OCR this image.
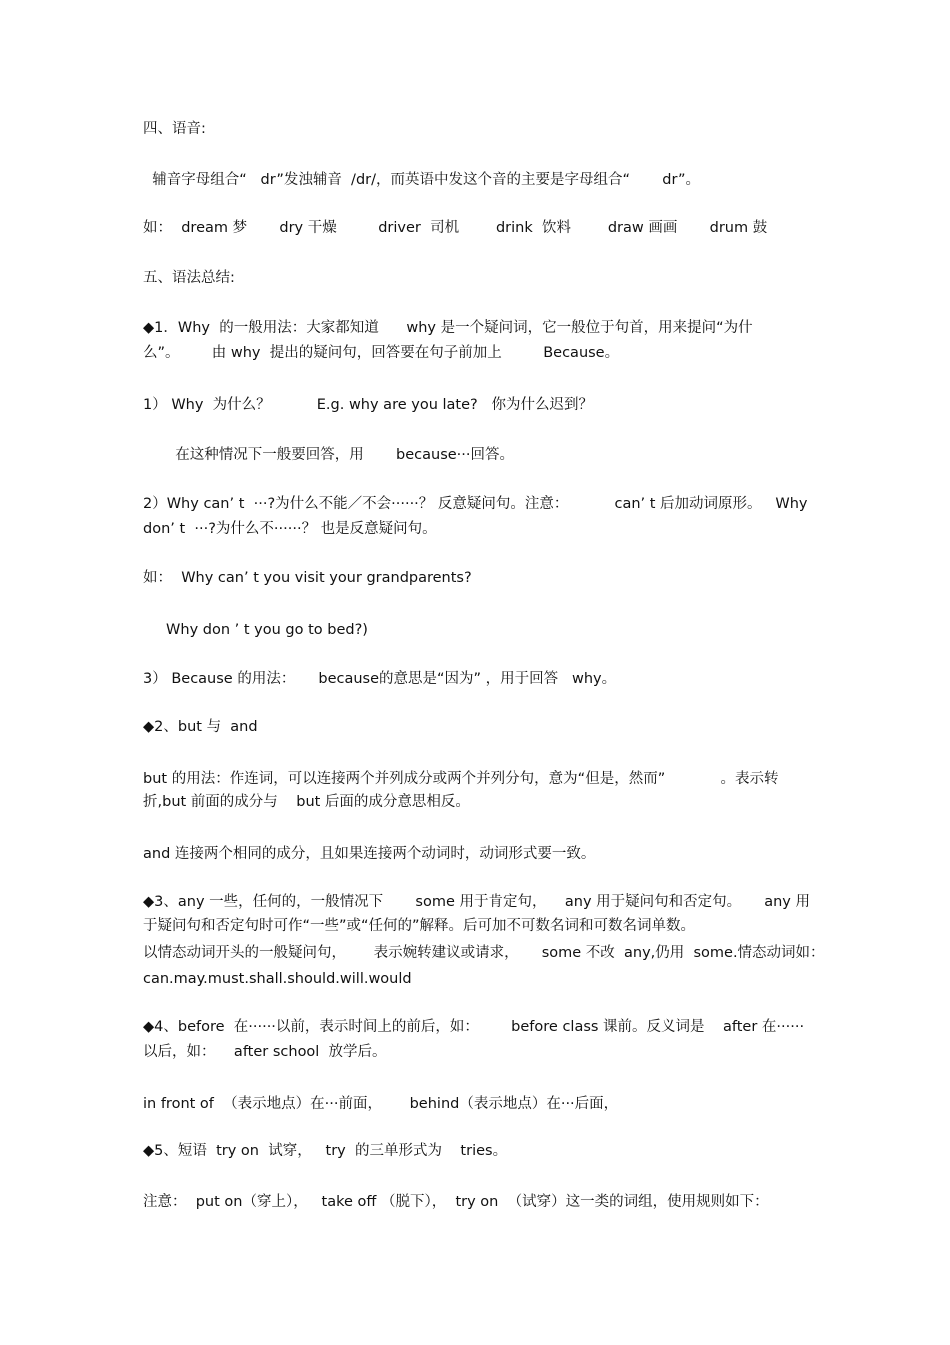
四、语音:
辅音字母组合“   dr”发浊辅音  /dr/，而英语中发这个音的主要是字母组合“       dr”。
如：  dream 梦       dry 干燥         driver  司机        drink  饮料        draw 画画       drum 鼓
五、语法总结:
◆1．Why  的一般用法：大家都知道      why 是一个疑问词，它一般位于句首，用来提问“为什
么”。       由 why  提出的疑问句，回答要在句子前加上         Because。
1） Why  为什么？          E.g. why are you late?   你为什么迟到？
在这种情况下一般要回答，用       because···回答。
2）Why can’ t  ···?为什么不能／不会······？ 反意疑问句。注意：          can’ t 后加动词原形。   Why
don’ t  ···?为什么不······？ 也是反意疑问句。
如：  Why can’ t you visit your grandparents?
Why don ’ t you go to bed?)
3） Because 的用法：     because的意思是“因为” ，用于回答   why。
◆2、but 与  and
but 的用法：作连词，可以连接两个并列成分或两个并列分句，意为“但是，然而”            。表示转
折,but 前面的成分与    but 后面的成分意思相反。
and 连接两个相同的成分，且如果连接两个动词时，动词形式要一致。
◆3、any 一些，任何的，一般情况下       some 用于肯定句，    any 用于疑问句和否定句。     any 用
于疑问句和否定句时可作“一些”或“任何的”解释。后可加不可数名词和可数名词单数。
以情态动词开头的一般疑问句，      表示婉转建议或请求，     some 不改  any,仍用  some.情态动词如：
can.may.must.shall.should.will.would
◆4、before  在······以前，表示时间上的前后，如：       before class 课前。反义词是    after 在······
以后，如：    after school  放学后。
in front of  （表示地点）在···前面，      behind（表示地点）在···后面，
◆5、短语  try on  试穿，   try  的三单形式为    tries。
注意：  put on（穿上），   take off （脱下），  try on  （试穿）这一类的词组，使用规则如下：
